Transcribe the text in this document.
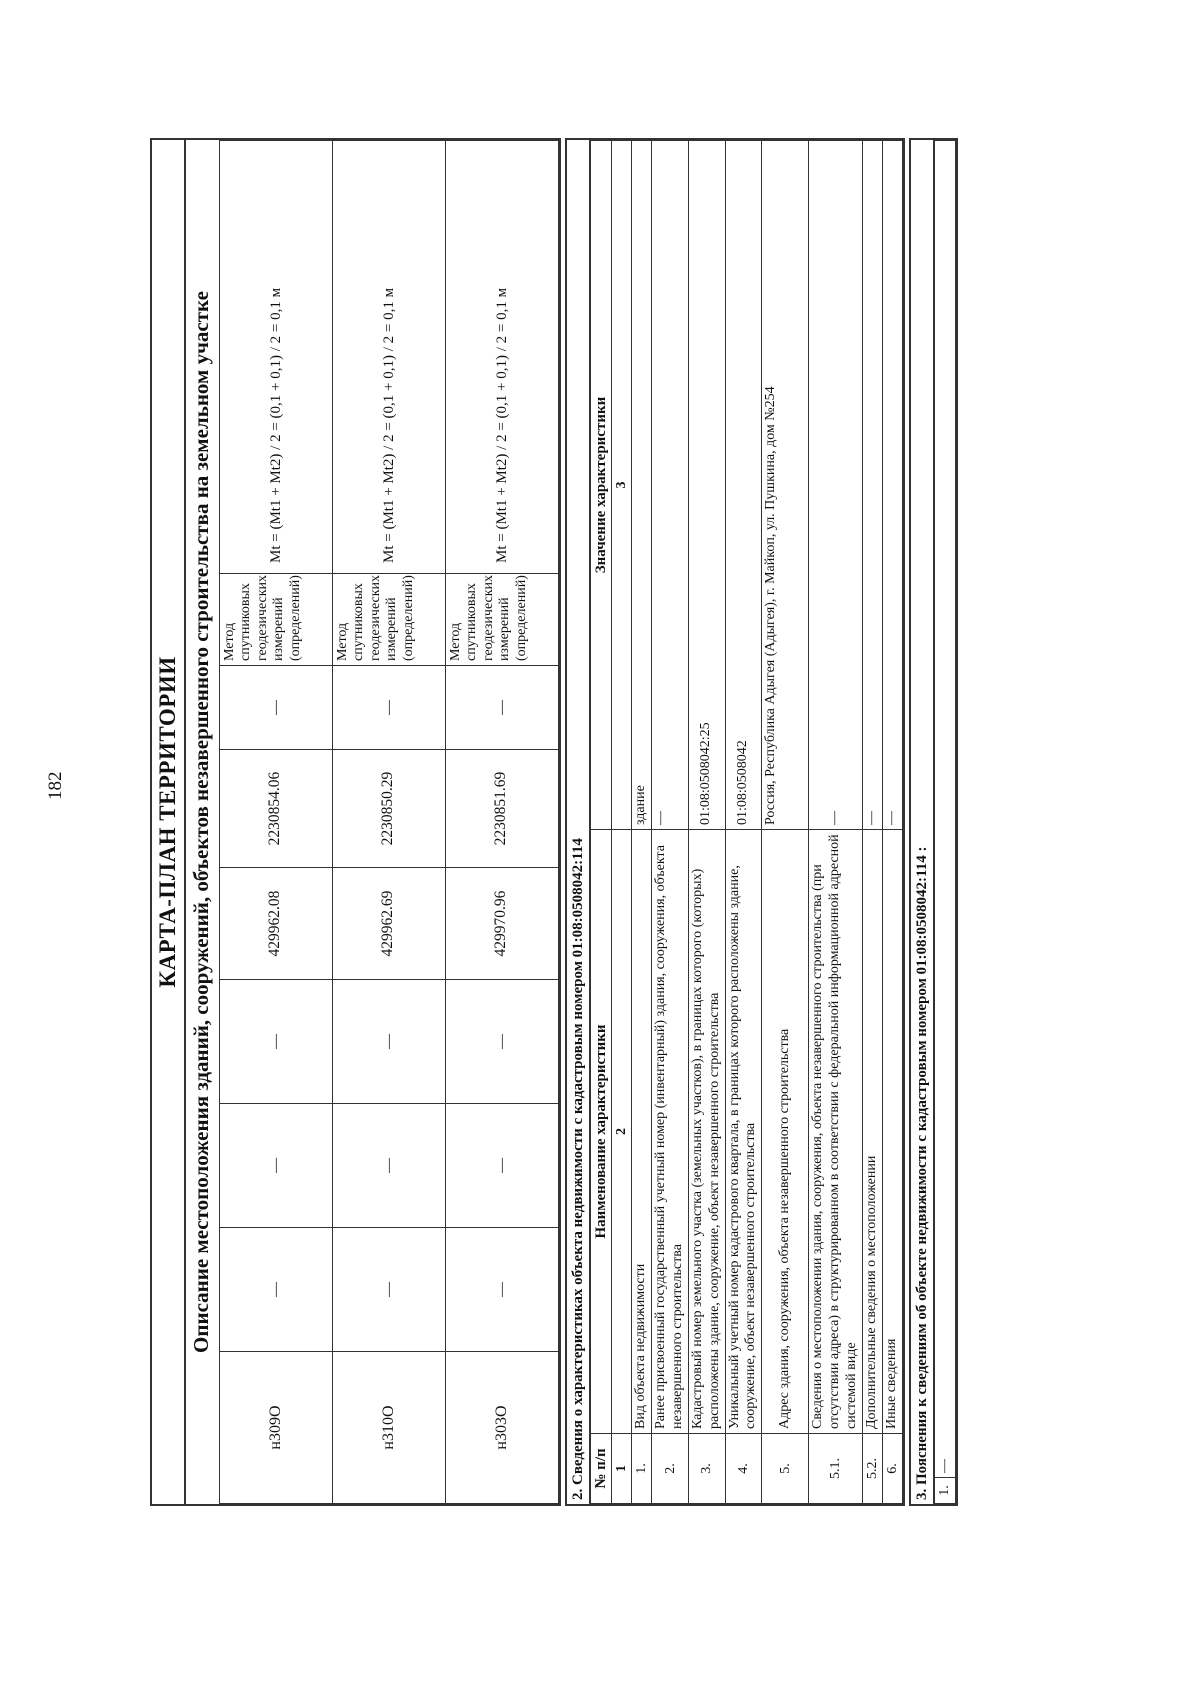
182	КАРТА-ПЛАН ТЕРРИТОРИИ Описание местоположения зданий, сооружений, объектов незавершенного строительства на земельном участке
н309О	—	—	—	429962.08	2230854.06	—	Метод спутниковых геодезических измерений (определений)	Mt = (Mt1 + Mt2) / 2 = (0,1 + 0,1) / 2 = 0,1 м
н310О	—	—	—	429962.69	2230850.29	—	Метод спутниковых геодезических измерений (определений)	Mt = (Mt1 + Mt2) / 2 = (0,1 + 0,1) / 2 = 0,1 м
н303О	—	—	—	429970.96	2230851.69	—	Метод спутниковых геодезических измерений (определений)	Mt = (Mt1 + Mt2) / 2 = (0,1 + 0,1) / 2 = 0,1 м
2. Сведения о характеристиках объекта недвижимости с кадастровым номером 01:08:0508042:114 № п/п	Наименование характеристики	Значение характеристики
1	2	3
1.	Вид объекта недвижимости	здание
2.	Ранее присвоенный государственный учетный номер (инвентарный) здания, сооружения, объекта незавершенного строительства	—
3.	Кадастровый номер земельного участка (земельных участков), в границах которого (которых) расположены здание, сооружение, объект незавершенного строительства	01:08:0508042:25
4.	Уникальный учетный номер кадастрового квартала, в границах которого расположены здание, сооружение, объект незавершенного строительства	01:08:0508042
5.	Адрес здания, сооружения, объекта незавершенного строительства	Россия, Республика Адыгея (Адыгея), г. Майкоп, ул. Пушкина, дом №254
5.1.	Сведения о местоположении здания, сооружения, объекта незавершенного строительства (при отсутствии адреса) в структурированном в соответствии с федеральной информационной адресной системой виде	—
5.2.	Дополнительные сведения о местоположении	—
6.	Иные сведения	—
3. Пояснения к сведениям об объекте недвижимости с кадастровым номером 01:08:0508042:114 : 1.	—
